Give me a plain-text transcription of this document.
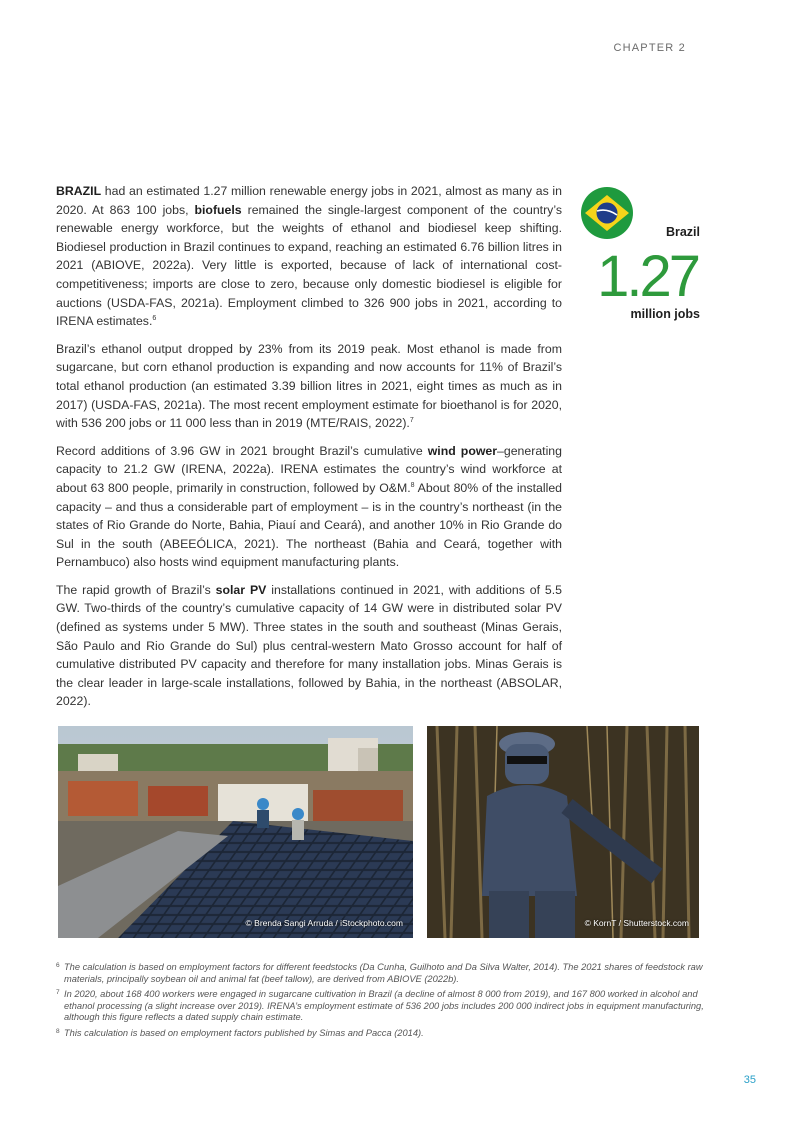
CHAPTER 2

BRAZIL had an estimated 1.27 million renewable energy jobs in 2021, almost as many as in 2020. At 863 100 jobs, biofuels remained the single-largest component of the country’s renewable energy workforce, but the weights of ethanol and biodiesel keep shifting. Biodiesel production in Brazil continues to expand, reaching an estimated 6.76 billion litres in 2021 (ABIOVE, 2022a). Very little is exported, because of lack of international cost-competitiveness; imports are close to zero, because only domestic biodiesel is eligible for auctions (USDA-FAS, 2021a). Employment climbed to 326 900 jobs in 2021, according to IRENA estimates.$^6$

Brazil’s ethanol output dropped by 23% from its 2019 peak. Most ethanol is made from sugarcane, but corn ethanol production is expanding and now accounts for 11% of Brazil’s total ethanol production (an estimated 3.39 billion litres in 2021, eight times as much as in 2017) (USDA-FAS, 2021a). The most recent employment estimate for bioethanol is for 2020, with 536 200 jobs or 11 000 less than in 2019 (MTE/RAIS, 2022).$^7$

Record additions of 3.96 GW in 2021 brought Brazil’s cumulative wind power–generating capacity to 21.2 GW (IRENA, 2022a). IRENA estimates the country’s wind workforce at about 63 800 people, primarily in construction, followed by O&M.$^8$ About 80% of the installed capacity – and thus a considerable part of employment – is in the country’s northeast (in the states of Rio Grande do Norte, Bahia, Piauí and Ceará), and another 10% in Rio Grande do Sul in the south (ABEEÓLICA, 2021). The northeast (Bahia and Ceará, together with Pernambuco) also hosts wind equipment manufacturing plants.

The rapid growth of Brazil’s solar PV installations continued in 2021, with additions of 5.5 GW. Two-thirds of the country’s cumulative capacity of 14 GW were in distributed solar PV (defined as systems under 5 MW). Three states in the south and southeast (Minas Gerais, São Paulo and Rio Grande do Sul) plus central-western Mato Grosso account for half of cumulative distributed PV capacity and therefore for many installation jobs. Minas Gerais is the clear leader in large-scale installations, followed by Bahia, in the northeast (ABSOLAR, 2022).

Brazil
1.27
million jobs
© Brenda Sangi Arruda / iStockphoto.com	© KornT / Shutterstock.com
6 The calculation is based on employment factors for different feedstocks (Da Cunha, Guilhoto and Da Silva Walter, 2014). The 2021 shares of feedstock raw materials, principally soybean oil and animal fat (beef tallow), are derived from ABIOVE (2022b).
7 In 2020, about 168 400 workers were engaged in sugarcane cultivation in Brazil (a decline of almost 8 000 from 2019), and 167 800 worked in alcohol and ethanol processing (a slight increase over 2019). IRENA’s employment estimate of 536 200 jobs includes 200 000 indirect jobs in equipment manufacturing, although this figure reflects a dated supply chain estimate.
8 This calculation is based on employment factors published by Simas and Pacca (2014).
35
